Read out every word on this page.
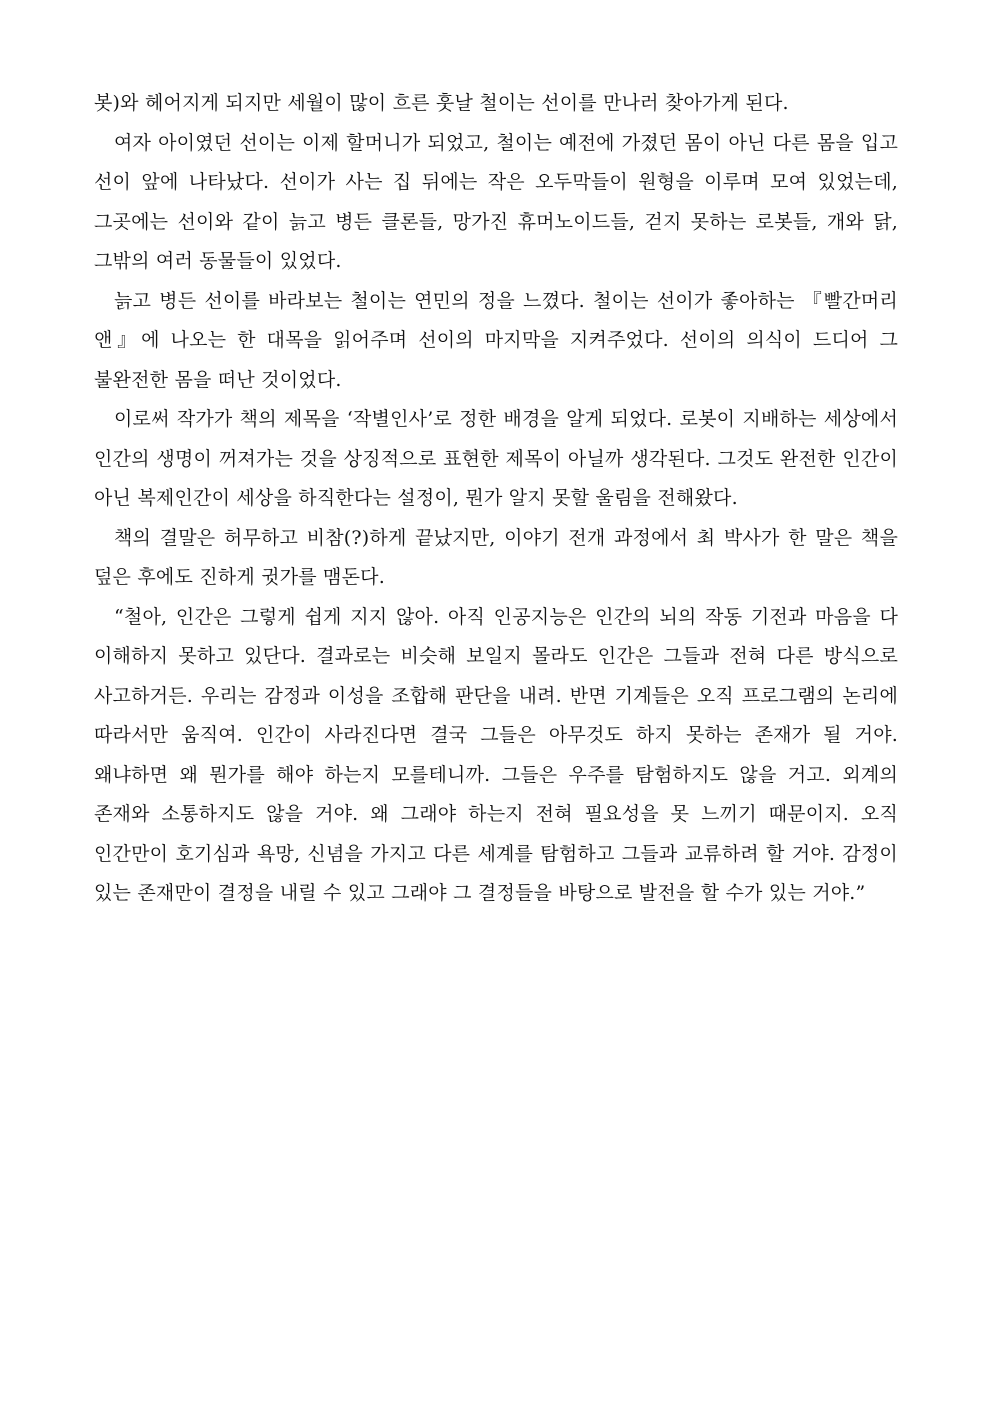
봇)와 헤어지게 되지만 세월이 많이 흐른 훗날 철이는 선이를 만나러 찾아가게 된다.

여자 아이였던 선이는 이제 할머니가 되었고, 철이는 예전에 가졌던 몸이 아닌 다른 몸을 입고 선이 앞에 나타났다. 선이가 사는 집 뒤에는 작은 오두막들이 원형을 이루며 모여 있었는데, 그곳에는 선이와 같이 늙고 병든 클론들, 망가진 휴머노이드들, 걷지 못하는 로봇들, 개와 닭, 그밖의 여러 동물들이 있었다.

늙고 병든 선이를 바라보는 철이는 연민의 정을 느꼈다. 철이는 선이가 좋아하는 『빨간머리 앤』에 나오는 한 대목을 읽어주며 선이의 마지막을 지켜주었다. 선이의 의식이 드디어 그 불완전한 몸을 떠난 것이었다.

이로써 작가가 책의 제목을 ‘작별인사’로 정한 배경을 알게 되었다. 로봇이 지배하는 세상에서 인간의 생명이 꺼져가는 것을 상징적으로 표현한 제목이 아닐까 생각된다. 그것도 완전한 인간이 아닌 복제인간이 세상을 하직한다는 설정이, 뭔가 알지 못할 울림을 전해왔다.

책의 결말은 허무하고 비참(?)하게 끝났지만, 이야기 전개 과정에서 최 박사가 한 말은 책을 덮은 후에도 진하게 귓가를 맴돈다.

“철아, 인간은 그렇게 쉽게 지지 않아. 아직 인공지능은 인간의 뇌의 작동 기전과 마음을 다 이해하지 못하고 있단다. 결과로는 비슷해 보일지 몰라도 인간은 그들과 전혀 다른 방식으로 사고하거든. 우리는 감정과 이성을 조합해 판단을 내려. 반면 기계들은 오직 프로그램의 논리에 따라서만 움직여. 인간이 사라진다면 결국 그들은 아무것도 하지 못하는 존재가 될 거야. 왜냐하면 왜 뭔가를 해야 하는지 모를테니까. 그들은 우주를 탐험하지도 않을 거고. 외계의 존재와 소통하지도 않을 거야. 왜 그래야 하는지 전혀 필요성을 못 느끼기 때문이지. 오직 인간만이 호기심과 욕망, 신념을 가지고 다른 세계를 탐험하고 그들과 교류하려 할 거야. 감정이 있는 존재만이 결정을 내릴 수 있고 그래야 그 결정들을 바탕으로 발전을 할 수가 있는 거야.”
